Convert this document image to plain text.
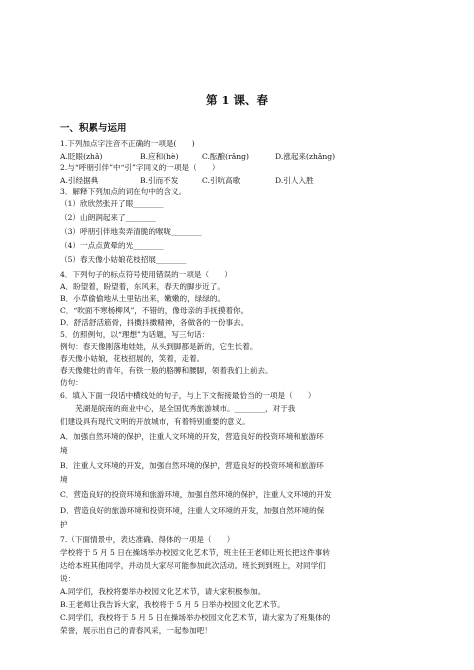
第 1 课、春
一、积累与运用
1.下列加点字注音不正确的一项是(　　)
A.眨眼(zhǎ)	B.应和(hè)	C.酝酿(rǎng)	D.涨起来(zhǎnɡ)
2.与“呼朋引伴”中“引”字同义的一项是（　　）
A.引经据典	B.引而不发	C.引吭高歌	D.引人入胜
3．解释下列加点的词在句中的含义。
（1）欣欣然张开了眼________
（2）山朗润起来了________
（3）呼朋引伴地卖弄清脆的喉咙________
（4）一点点黄晕的光________
（5）春天像小姑娘花枝招展________
4．下列句子的标点符号使用错误的一项是（　　）
A．盼望着，盼望着，东风来，春天的脚步近了。
B．小草偷偷地从土里钻出来，嫩嫩的，绿绿的。
C．“吹面不寒杨柳风”，不错的，像母亲的手抚摸着你。
D．舒活舒活筋骨，抖擞抖擞精神，各做各的一份事去。
5．仿照例句，以“理想”为话题，写三句话：
例句：春天像刚落地娃娃，从头到脚都是新的，它生长着。
春天像小姑娘，花枝招展的，笑着，走着。
春天像健壮的青年，有铁一般的胳膊和腰脚，领着我们上前去。
仿句：
6．填入下面一段话中横线处的句子，与上下文衔接最恰当的一项是（　　）
　　芜湖是皖南的商业中心，是全国优秀旅游城市。________，对于我
们建设具有现代文明的开放城市，有着特别重要的意义。
A．加强自然环境的保护，注重人文环境的开发，营造良好的投资环境和旅游环
境
B．注重人文环境的开发，加强自然环境的保护，营造良好的投资环境和旅游环
境
C．营造良好的投资环境和旅游环境，加强自然环境的保护，注重人文环境的开发
D．营造良好的旅游环境和投资环境，注重人文环境的开发，加强自然环境的保
护
7.（下面情景中，表达准确、得体的一项是（　　）
学校将于 5 月 5 日在操场举办校园文化艺术节，班主任王老师让班长把这件事转
达给本班其他同学，并动员大家尽可能参加此次活动。班长到到班上，对同学们
说：
A.同学们，我校将要举办校园文化艺术节，请大家积极参加。
B.王老师让我告诉大家，我校将于 5 月 5 日举办校园文化艺术节。
C.同学们，我校将于 5 月 5 日在操场举办校园文化艺术节，请大家为了班集体的
荣誉，展示出自己的青春风采，一起参加吧！
